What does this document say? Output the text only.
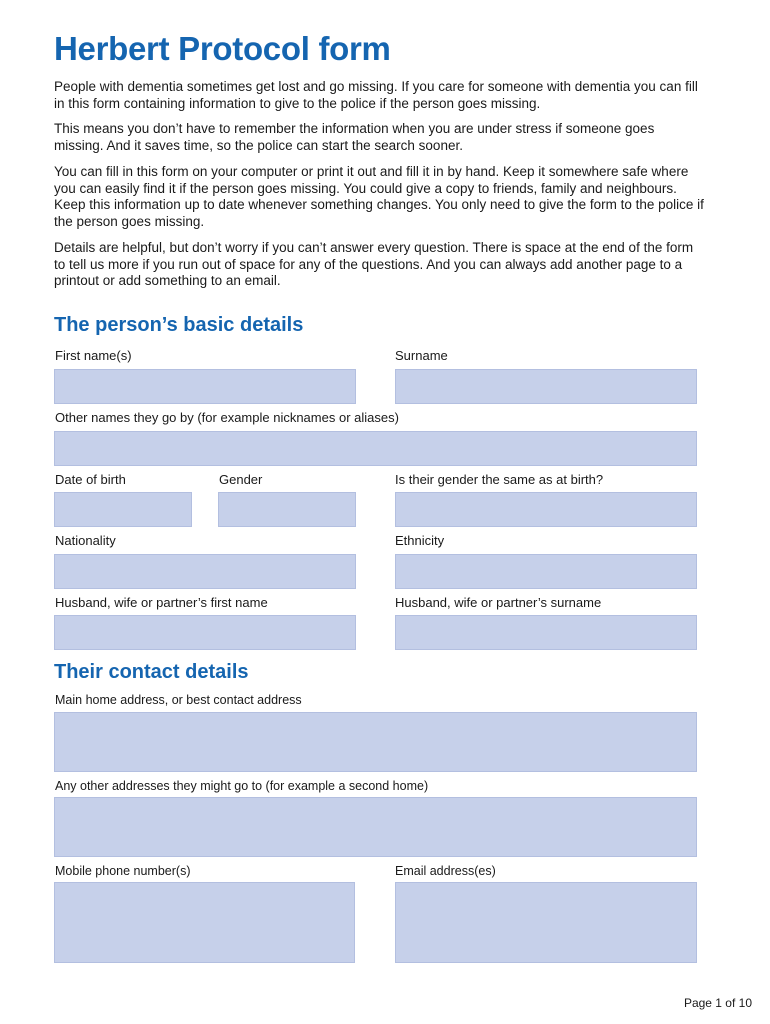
Herbert Protocol form

People with dementia sometimes get lost and go missing. If you care for someone with dementia you can fill in this form containing information to give to the police if the person goes missing.

This means you don’t have to remember the information when you are under stress if someone goes missing. And it saves time, so the police can start the search sooner.

You can fill in this form on your computer or print it out and fill it in by hand. Keep it somewhere safe where you can easily find it if the person goes missing. You could give a copy to friends, family and neighbours. Keep this information up to date whenever something changes. You only need to give the form to the police if the person goes missing.

Details are helpful, but don’t worry if you can’t answer every question. There is space at the end of the form to tell us more if you run out of space for any of the questions. And you can always add another page to a printout or add something to an email.

The person’s basic details
First name(s)	Surname
Other names they go by (for example nicknames or aliases)
Date of birth	Gender	Is their gender the same as at birth?
Nationality	Ethnicity
Husband, wife or partner’s first name	Husband, wife or partner’s surname
Their contact details
Main home address, or best contact address
Any other addresses they might go to (for example a second home)
Mobile phone number(s)	Email address(es)
Page 1 of 10
